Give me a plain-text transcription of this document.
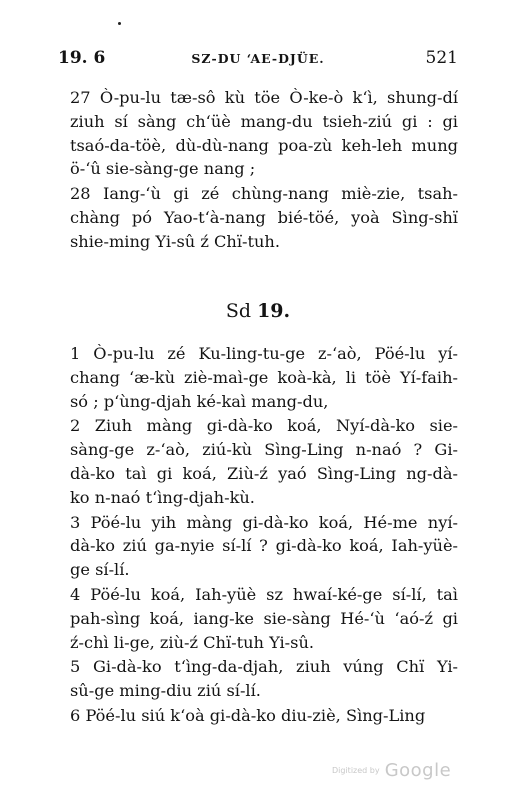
19. 6	SZ-DU ‘AE-DJÜE.	521
27 Ò-pu-lu tæ-sô kù töe Ò-ke-ò k‘ì, shung-dí
ziuh sí sàng ch‘üè mang-du tsieh-ziú gi : gi
tsaó-da-töè, dù-dù-nang poa-zù keh-leh mung
ö-‘û sie-sàng-ge nang ;
28 Iang-‘ù gi zé chùng-nang miè-zie, tsah-
chàng pó Yao-t‘à-nang bié-töé, yoà Sìng-shï
shie-ming Yi-sû ź Chï-tuh.
Sd 19.
1 Ò-pu-lu zé Ku-ling-tu-ge z-‘aò, Pöé-lu yí-
chang ‘æ-kù ziè-maì-ge koà-kà, li töè Yí-faih-
só ; p‘ùng-djah ké-kaì mang-du,
2 Ziuh màng gi-dà-ko koá, Nyí-dà-ko sie-
sàng-ge z-‘aò, ziú-kù Sìng-Ling n-naó ? Gi-
dà-ko taì gi koá, Ziù-ź yaó Sìng-Ling ng-dà-
ko n-naó t‘ìng-djah-kù.
3 Pöé-lu yih màng gi-dà-ko koá, Hé-me nyí-
dà-ko ziú ga-nyie sí-lí ? gi-dà-ko koá, Iah-yüè-
ge sí-lí.
4 Pöé-lu koá, Iah-yüè sz hwaí-ké-ge sí-lí, taì
pah-sìng koá, iang-ke sie-sàng Hé-‘ù ‘aó-ź gi
ź-chì li-ge, ziù-ź Chï-tuh Yi-sû.
5 Gi-dà-ko t‘ìng-da-djah, ziuh vúng Chï Yi-
sû-ge ming-diu ziú sí-lí.
6 Pöé-lu siú k‘oà gi-dà-ko diu-ziè, Sìng-Ling
Digitized by Google
